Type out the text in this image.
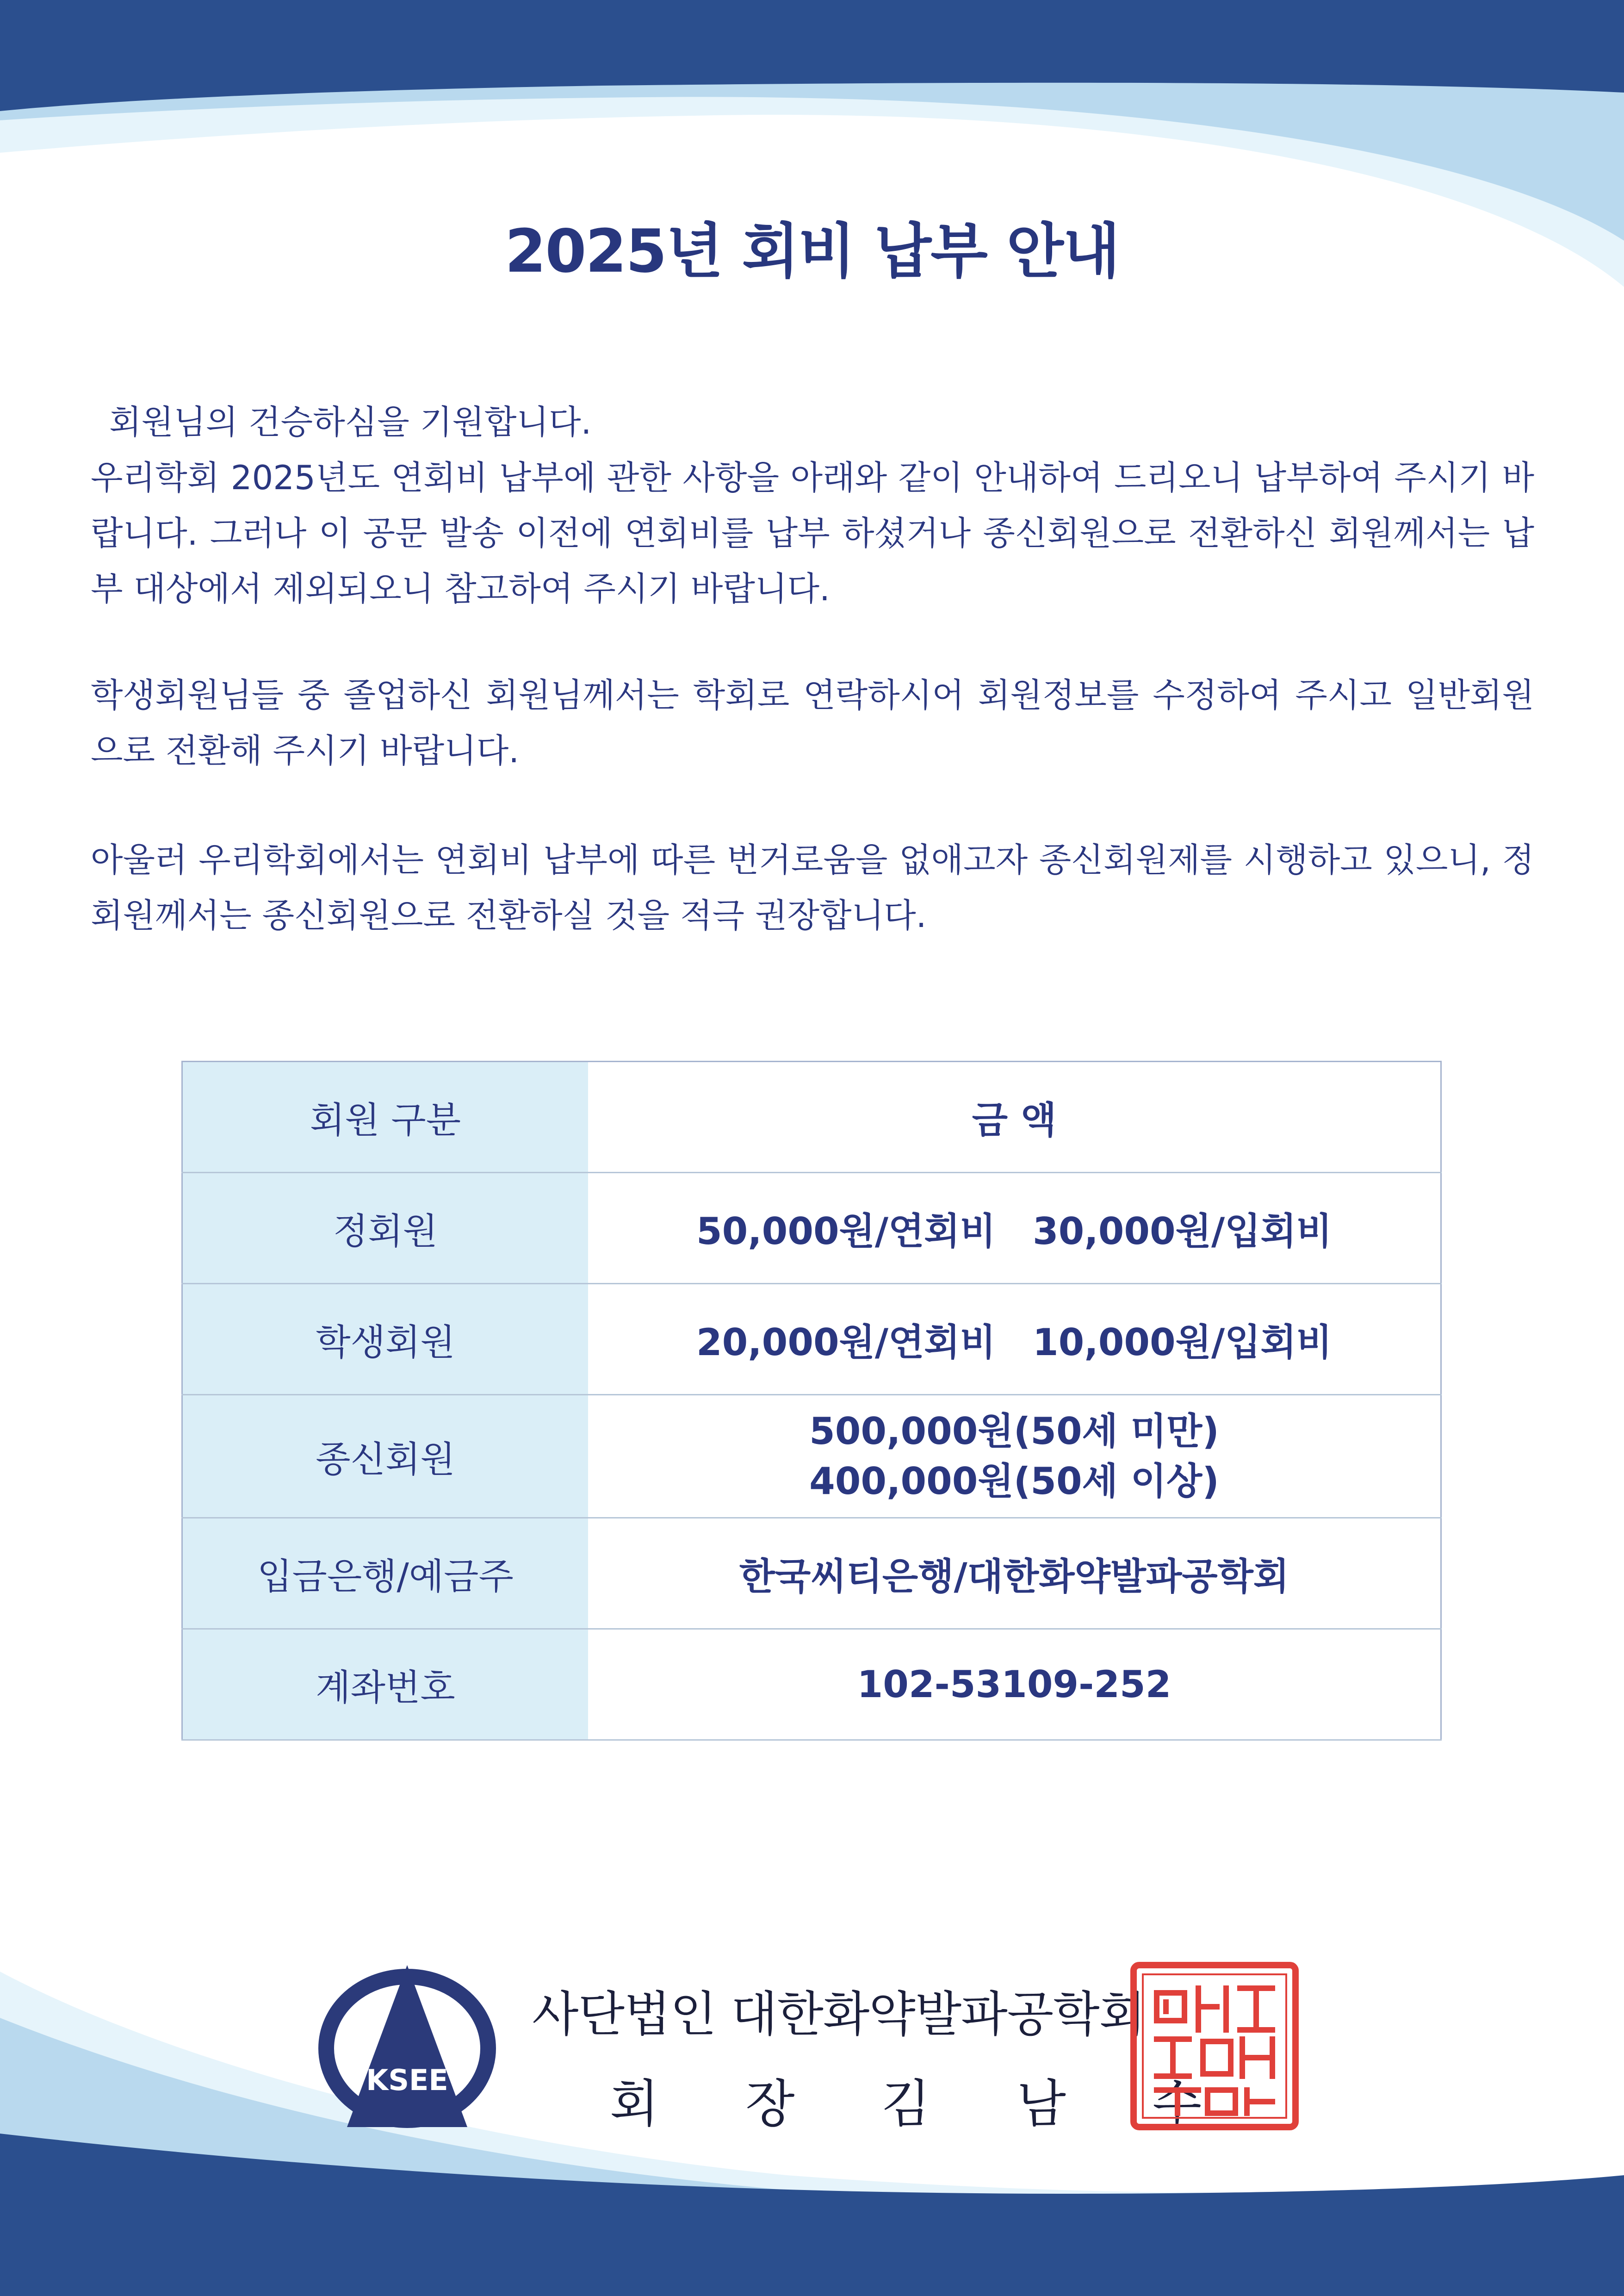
2025년 회비 납부 안내

회원님의 건승하심을 기원합니다.

우리학회 2025년도 연회비 납부에 관한 사항을 아래와 같이 안내하여 드리오니 납부하여 주시기 바랍니다. 그러나 이 공문 발송 이전에 연회비를 납부 하셨거나 종신회원으로 전환하신 회원께서는 납부 대상에서 제외되오니 참고하여 주시기 바랍니다.

학생회원님들 중 졸업하신 회원님께서는 학회로 연락하시어 회원정보를 수정하여 주시고 일반회원으로 전환해 주시기 바랍니다.
아울러 우리학회에서는 연회비 납부에 따른 번거로움을 없애고자 종신회원제를 시행하고 있으니, 정회원께서는 종신회원으로 전환하실 것을 적극 권장합니다.
회원 구분	금 액
정회원	50,000원/연회비 30,000원/입회비
학생회원	20,000원/연회비 10,000원/입회비
종신회원	500,000원(50세 미만)
400,000원(50세 이상)

입금은행/예금주	한국씨티은행/대한화약발파공학회
계좌번호	102-53109-252
KSEE
사단법인 대한화약발파공학회
회 장 김 남 수
